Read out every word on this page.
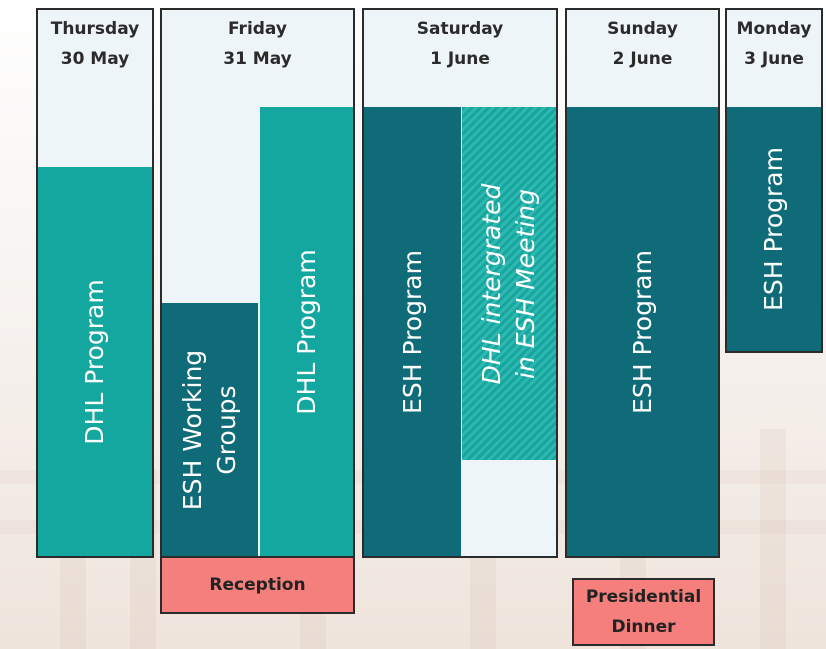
Thursday
30 May
DHL Program
Friday
31 May
ESH Working Groups
DHL Program
Reception
Saturday
1 June
ESH Program DHL intergrated in ESH Meeting
Sunday
2 June
ESH Program
Presidential
Dinner
Monday
3 June
ESH Program
